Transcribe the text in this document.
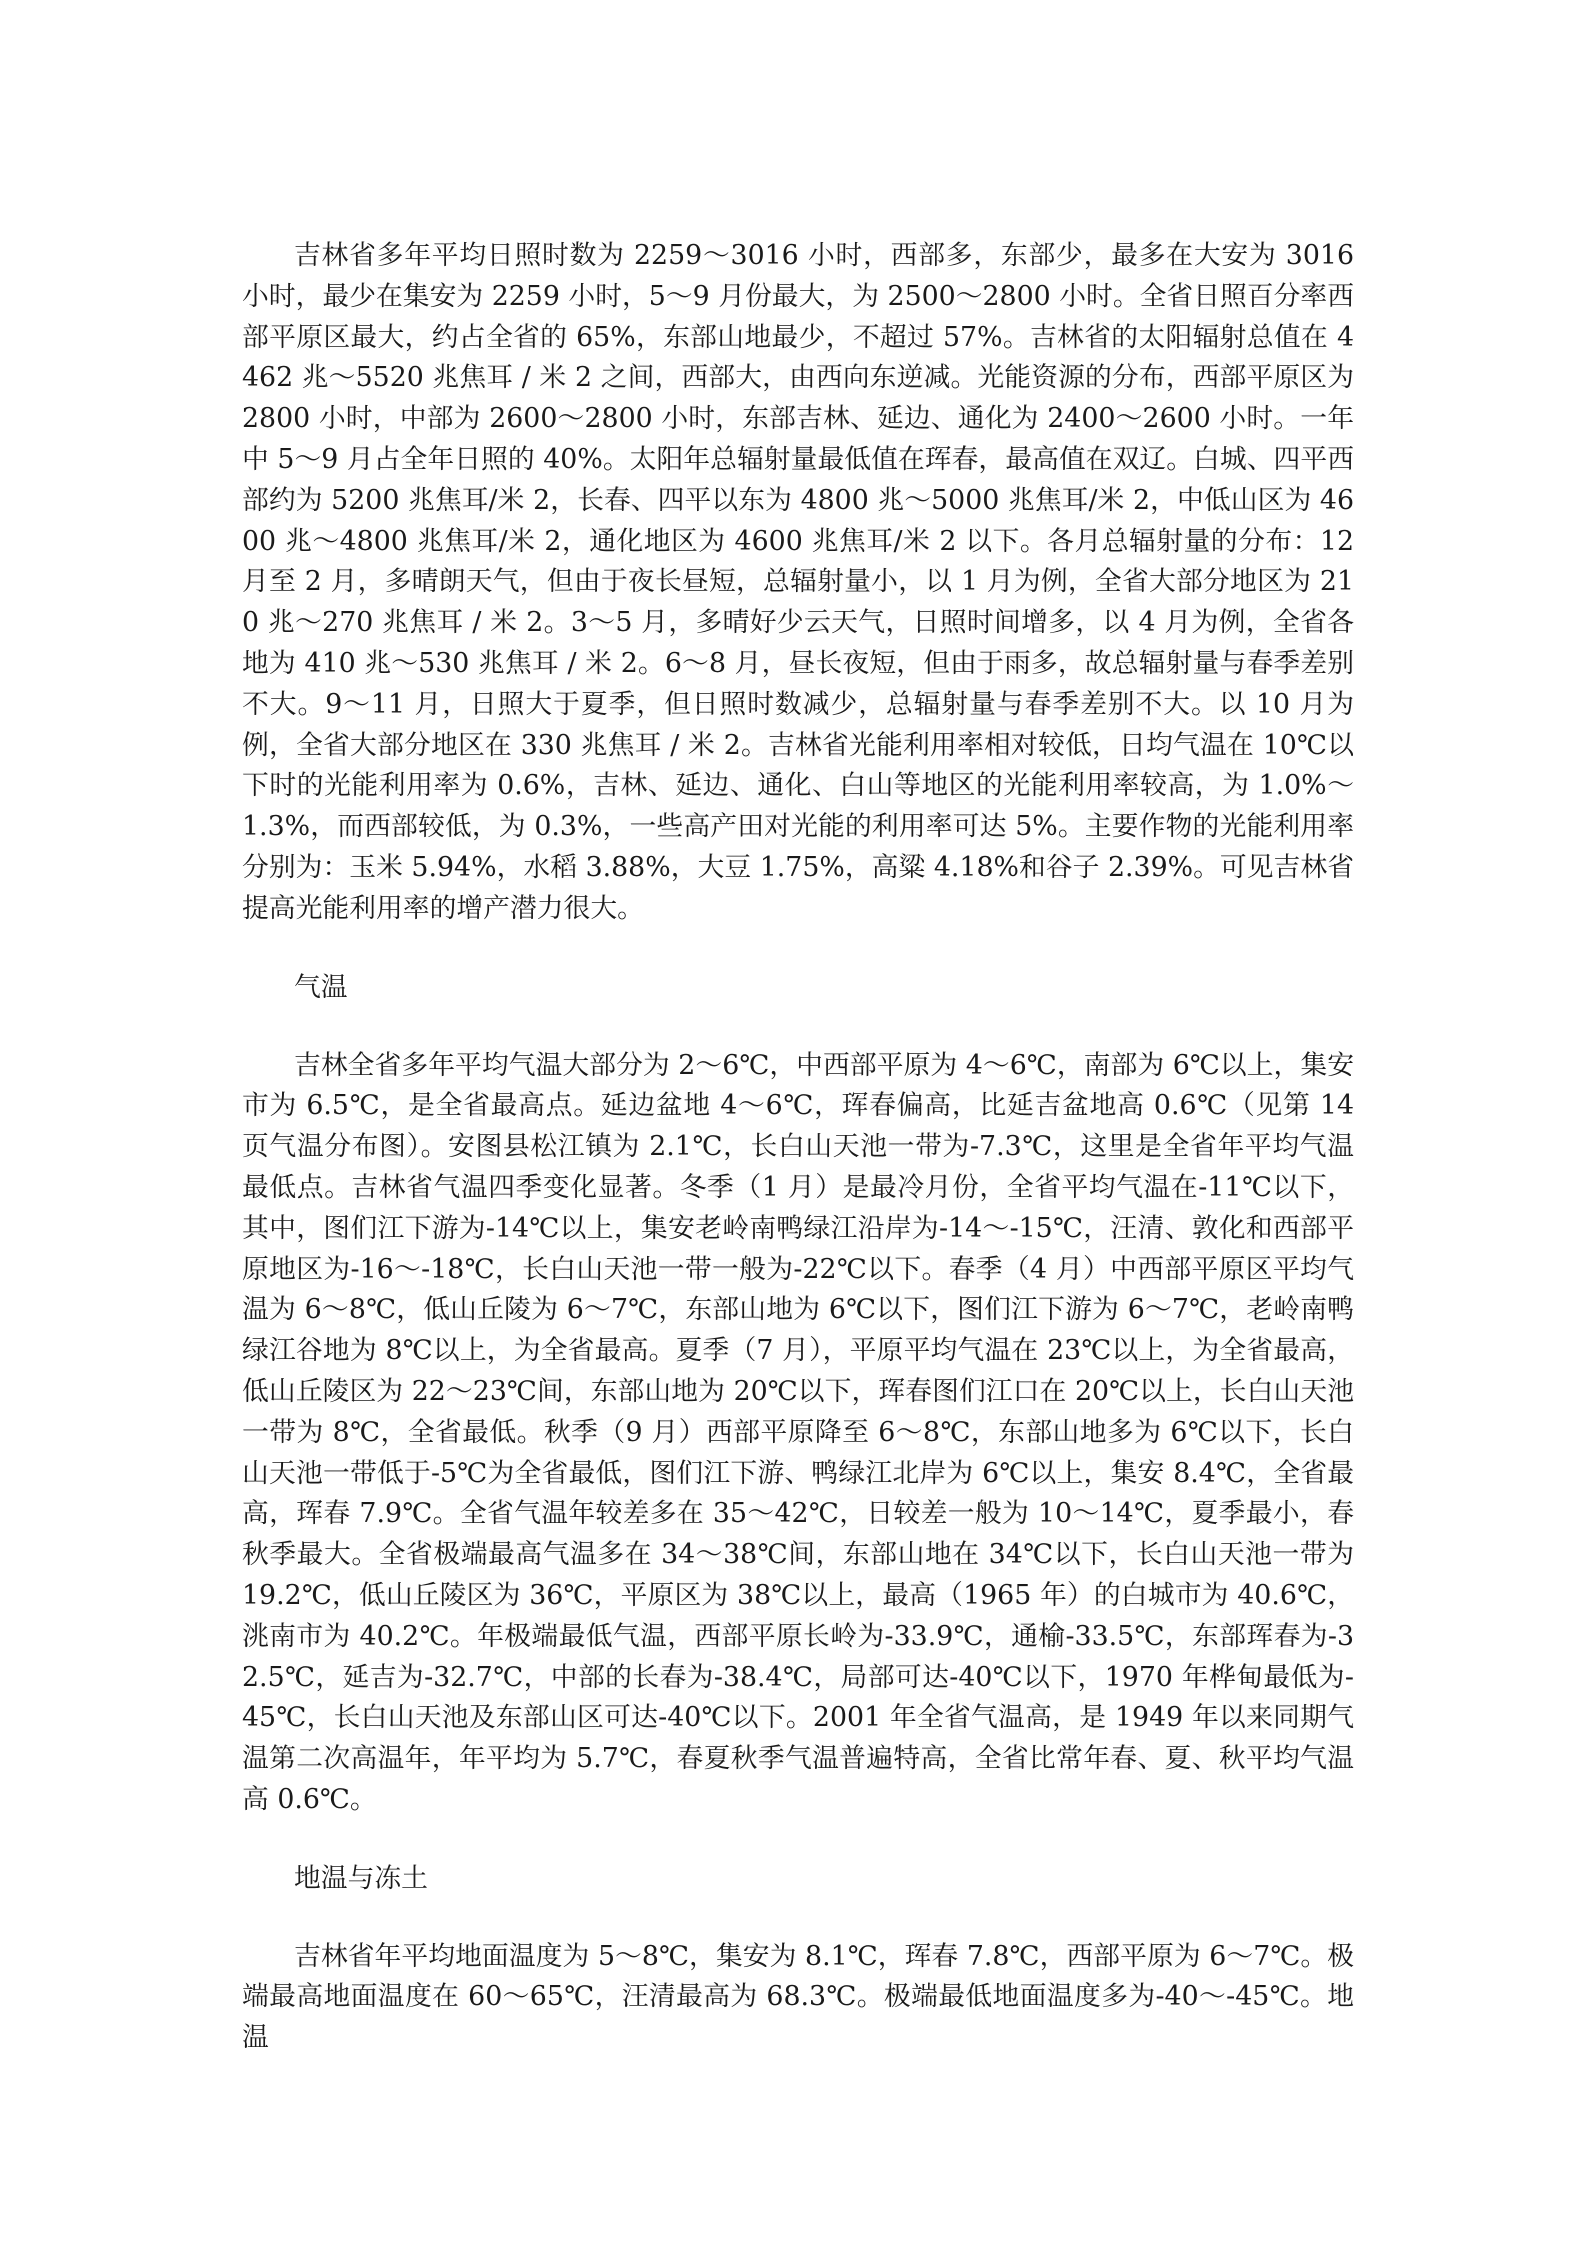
吉林省多年平均日照时数为 2259～3016 小时，西部多，东部少，最多在大安为 3016 小时，最少在集安为 2259 小时，5～9 月份最大，为 2500～2800 小时。全省日照百分率西部平原区最大，约占全省的 65%，东部山地最少，不超过 57%。吉林省的太阳辐射总值在 4462 兆～5520 兆焦耳 / 米 2 之间，西部大，由西向东逆减。光能资源的分布，西部平原区为 2800 小时，中部为 2600～2800 小时，东部吉林、延边、通化为 2400～2600 小时。一年中 5～9 月占全年日照的 40%。太阳年总辐射量最低值在珲春，最高值在双辽。白城、四平西部约为 5200 兆焦耳/米 2，长春、四平以东为 4800 兆～5000 兆焦耳/米 2，中低山区为 4600 兆～4800 兆焦耳/米 2，通化地区为 4600 兆焦耳/米 2 以下。各月总辐射量的分布：12 月至 2 月，多晴朗天气，但由于夜长昼短，总辐射量小，以 1 月为例，全省大部分地区为 210 兆～270 兆焦耳 / 米 2。3～5 月，多晴好少云天气，日照时间增多，以 4 月为例，全省各地为 410 兆～530 兆焦耳 / 米 2。6～8 月，昼长夜短，但由于雨多，故总辐射量与春季差别不大。9～11 月，日照大于夏季，但日照时数减少，总辐射量与春季差别不大。以 10 月为例，全省大部分地区在 330 兆焦耳 / 米 2。吉林省光能利用率相对较低，日均气温在 10℃以下时的光能利用率为 0.6%，吉林、延边、通化、白山等地区的光能利用率较高，为 1.0%～1.3%，而西部较低，为 0.3%，一些高产田对光能的利用率可达 5%。主要作物的光能利用率分别为：玉米 5.94%，水稻 3.88%，大豆 1.75%，高粱 4.18%和谷子 2.39%。可见吉林省提高光能利用率的增产潜力很大。

气温

吉林全省多年平均气温大部分为 2～6℃，中西部平原为 4～6℃，南部为 6℃以上，集安市为 6.5℃，是全省最高点。延边盆地 4～6℃，珲春偏高，比延吉盆地高 0.6℃（见第 14 页气温分布图）。安图县松江镇为 2.1℃，长白山天池一带为-7.3℃，这里是全省年平均气温最低点。吉林省气温四季变化显著。冬季（1 月）是最冷月份，全省平均气温在-11℃以下，其中，图们江下游为-14℃以上，集安老岭南鸭绿江沿岸为-14～-15℃，汪清、敦化和西部平原地区为-16～-18℃，长白山天池一带一般为-22℃以下。春季（4 月）中西部平原区平均气温为 6～8℃，低山丘陵为 6～7℃，东部山地为 6℃以下，图们江下游为 6～7℃，老岭南鸭绿江谷地为 8℃以上，为全省最高。夏季（7 月），平原平均气温在 23℃以上，为全省最高，低山丘陵区为 22～23℃间，东部山地为 20℃以下，珲春图们江口在 20℃以上，长白山天池一带为 8℃，全省最低。秋季（9 月）西部平原降至 6～8℃，东部山地多为 6℃以下，长白山天池一带低于-5℃为全省最低，图们江下游、鸭绿江北岸为 6℃以上，集安 8.4℃，全省最高，珲春 7.9℃。全省气温年较差多在 35～42℃，日较差一般为 10～14℃，夏季最小，春秋季最大。全省极端最高气温多在 34～38℃间，东部山地在 34℃以下，长白山天池一带为 19.2℃，低山丘陵区为 36℃，平原区为 38℃以上，最高（1965 年）的白城市为 40.6℃，洮南市为 40.2℃。年极端最低气温，西部平原长岭为-33.9℃，通榆-33.5℃，东部珲春为-32.5℃，延吉为-32.7℃，中部的长春为-38.4℃，局部可达-40℃以下，1970 年桦甸最低为-45℃，长白山天池及东部山区可达-40℃以下。2001 年全省气温高，是 1949 年以来同期气温第二次高温年，年平均为 5.7℃，春夏秋季气温普遍特高，全省比常年春、夏、秋平均气温高 0.6℃。

地温与冻土

吉林省年平均地面温度为 5～8℃，集安为 8.1℃，珲春 7.8℃，西部平原为 6～7℃。极端最高地面温度在 60～65℃，汪清最高为 68.3℃。极端最低地面温度多为-40～-45℃。地温
